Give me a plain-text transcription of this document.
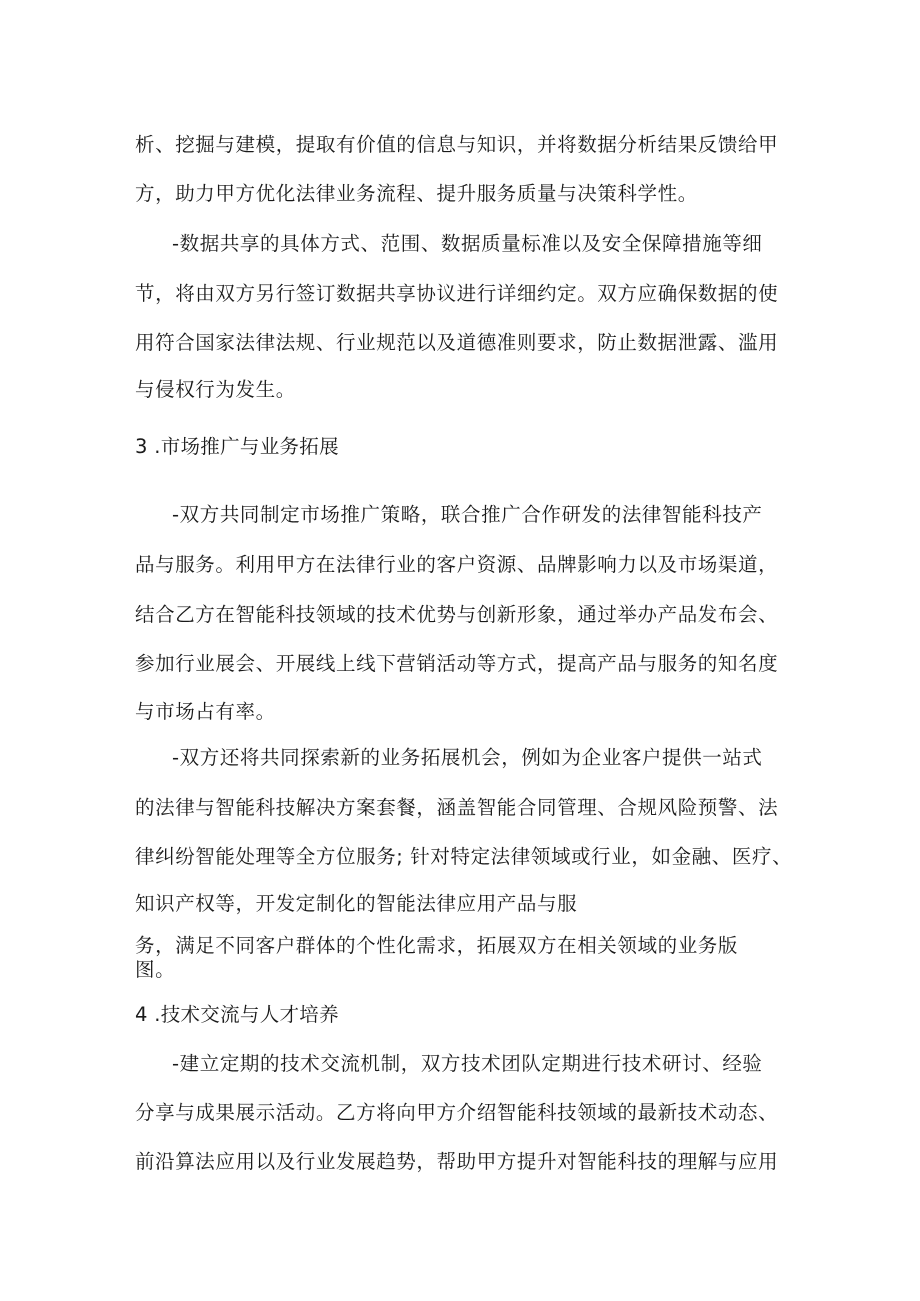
析、挖掘与建模，提取有价值的信息与知识，并将数据分析结果反馈给甲
方，助力甲方优化法律业务流程、提升服务质量与决策科学性。
-数据共享的具体方式、范围、数据质量标准以及安全保障措施等细
节，将由双方另行签订数据共享协议进行详细约定。双方应确保数据的使
用符合国家法律法规、行业规范以及道德准则要求，防止数据泄露、滥用
与侵权行为发生。
3 .市场推广与业务拓展
-双方共同制定市场推广策略，联合推广合作研发的法律智能科技产
品与服务。利用甲方在法律行业的客户资源、品牌影响力以及市场渠道，
结合乙方在智能科技领域的技术优势与创新形象，通过举办产品发布会、
参加行业展会、开展线上线下营销活动等方式，提高产品与服务的知名度
与市场占有率。
-双方还将共同探索新的业务拓展机会，例如为企业客户提供一站式
的法律与智能科技解决方案套餐，涵盖智能合同管理、合规风险预警、法
律纠纷智能处理等全方位服务; 针对特定法律领域或行业，如金融、医疗、
知识产权等，开发定制化的智能法律应用产品与服
务，满足不同客户群体的个性化需求，拓展双方在相关领域的业务版
图。
4 .技术交流与人才培养
-建立定期的技术交流机制，双方技术团队定期进行技术研讨、经验
分享与成果展示活动。乙方将向甲方介绍智能科技领域的最新技术动态、
前沿算法应用以及行业发展趋势，帮助甲方提升对智能科技的理解与应用
